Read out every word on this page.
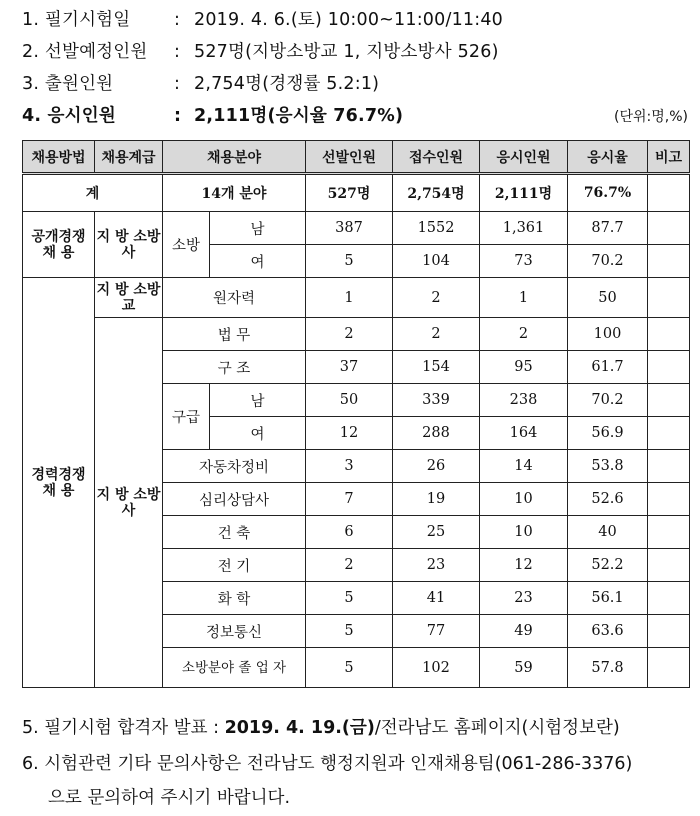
1. 필기시험일 : 2019. 4. 6.(토) 10:00~11:00/11:40
2. 선발예정인원 : 527명(지방소방교 1, 지방소방사 526)
3. 출원인원	: 2,754명(경쟁률 5.2:1)
4. 응시인원	: 2,111명(응시율 76.7%)	(단위:명,%)
채용방법	채용계급	채용분야		선발인원	접수인원	응시인원	응시율	비고
계		14개 분야		527명	2,754명	2,111명	76.7%	
공개경쟁 채 용	지 방 소방사	소방	남	387	1552	1,361	87.7	
			여	5	104	73	70.2	
경력경쟁 채 용	지 방 소방교	원자력		1	2	1	50	
	지 방 소방사	법 무		2	2	2	100	
		구 조		37	154	95	61.7	
		구급	남	50	339	238	70.2	
			여	12	288	164	56.9	
		자동차정비		3	26	14	53.8	
		심리상담사		7	19	10	52.6	
		건 축		6	25	10	40	
		전 기		2	23	12	52.2	
		화 학		5	41	23	56.1	
		정보통신		5	77	49	63.6	
		소방분야 졸 업 자		5	102	59	57.8	
5. 필기시험 합격자 발표 : 2019. 4. 19.(금)/전라남도 홈페이지(시험정보란)
6. 시험관련 기타 문의사항은 전라남도 행정지원과 인재채용팀(061-286-3376)
으로 문의하여 주시기 바랍니다.
